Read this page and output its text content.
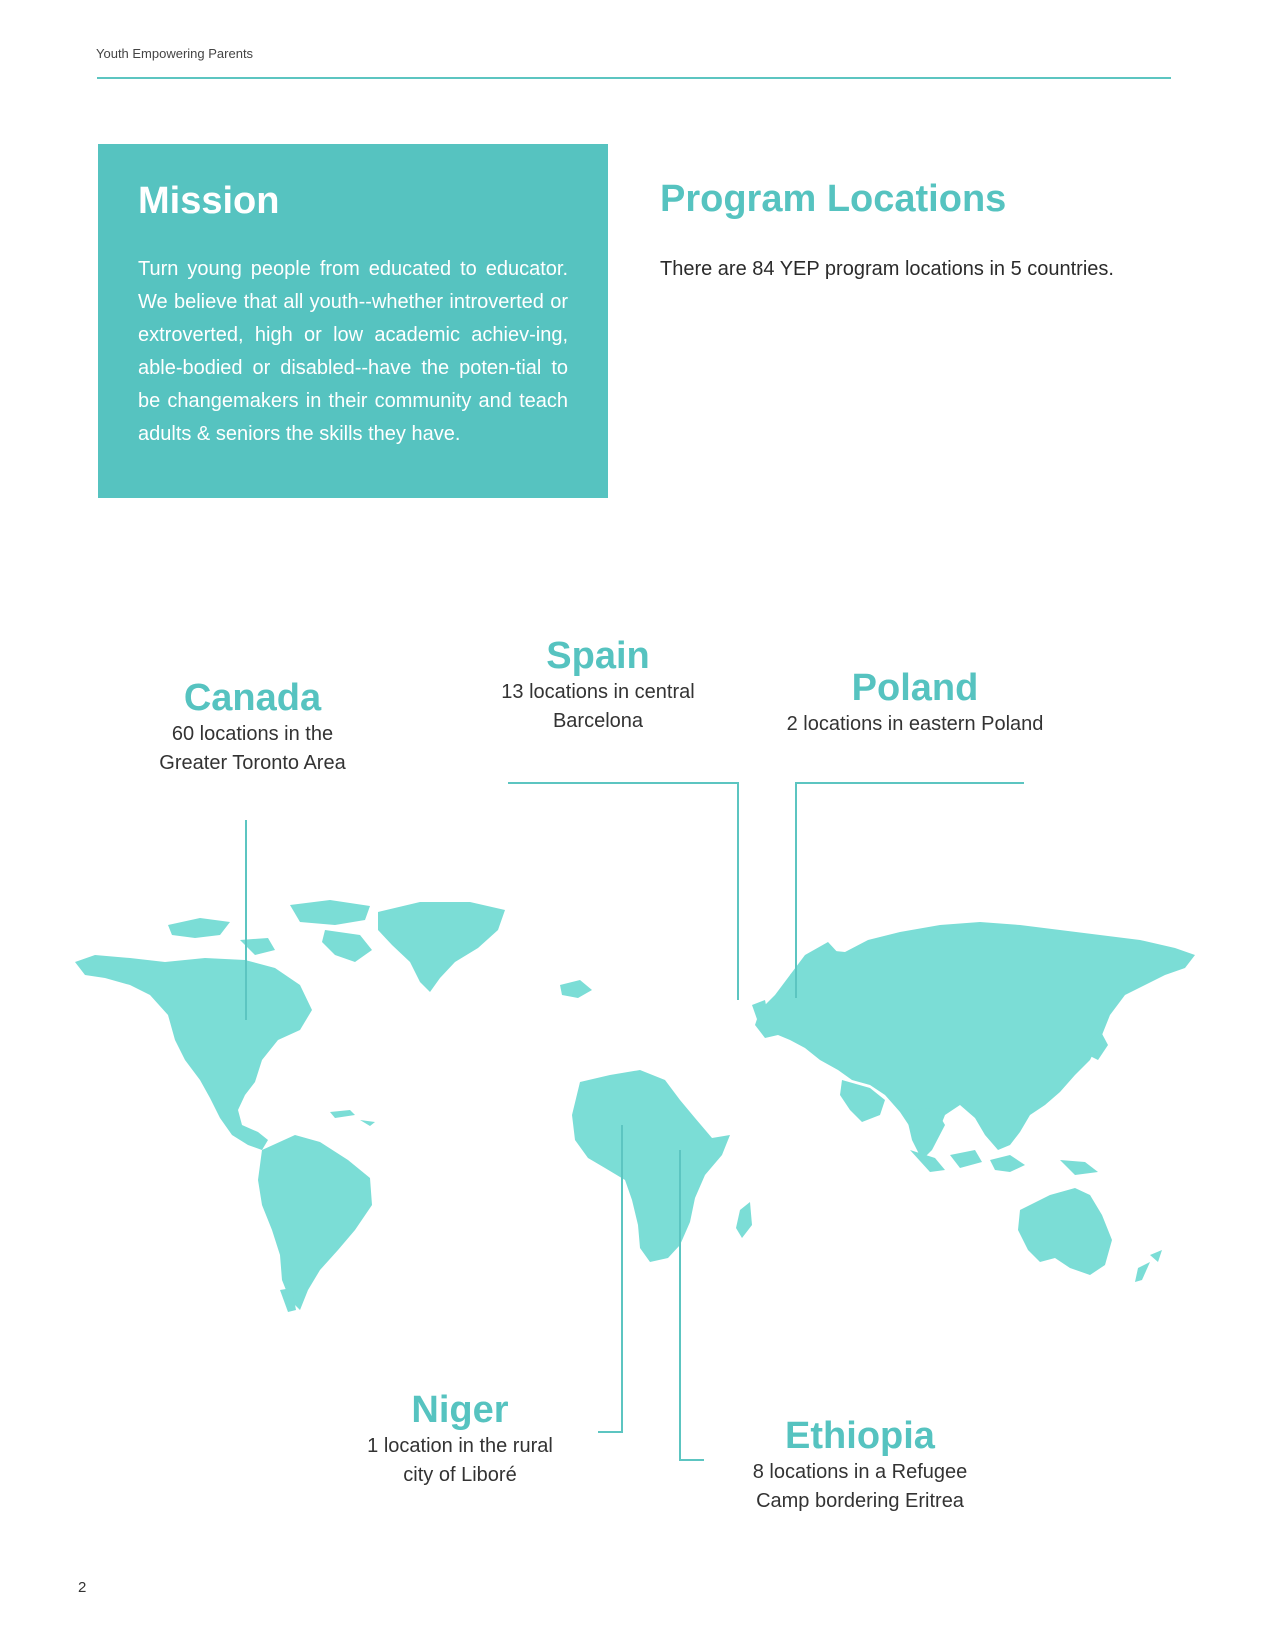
Youth Empowering Parents
Mission
Turn young people from educated to educator. We believe that all youth--whether introverted or extroverted, high or low academic achiev-ing, able-bodied or disabled--have the poten-tial to be changemakers in their community and teach adults & seniors the skills they have.
Program Locations
There are 84 YEP program locations in 5 countries.
Canada
60 locations in the
Greater Toronto Area
Spain
13 locations in central
Barcelona
Poland
2 locations in eastern Poland
Niger
1 location in the rural
city of Liboré
Ethiopia
8 locations in a Refugee
Camp bordering Eritrea
2
